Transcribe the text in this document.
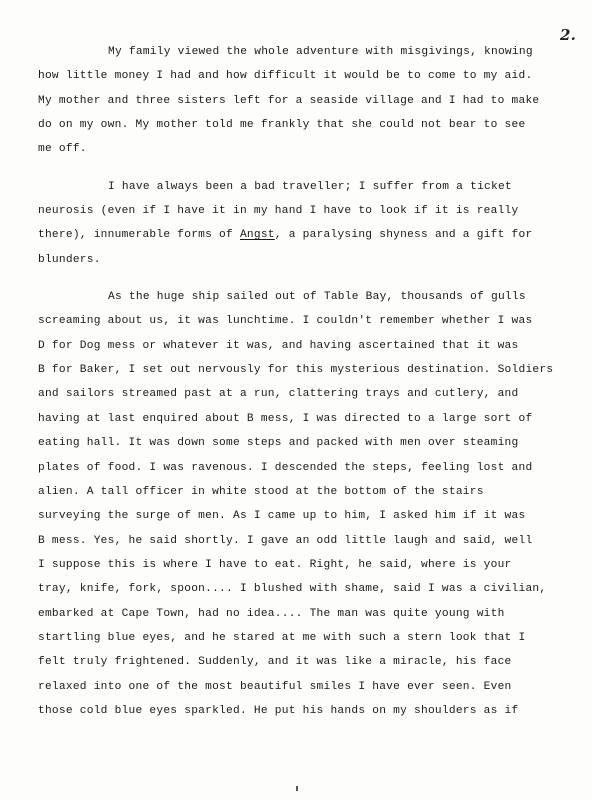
2.
My family viewed the whole adventure with misgivings, knowing
how little money I had and how difficult it would be to come to my aid.
My mother and three sisters left for a seaside village and I had to make
do on my own. My mother told me frankly that she could not bear to see
me off.
I have always been a bad traveller; I suffer from a ticket
neurosis (even if I have it in my hand I have to look if it is really
there), innumerable forms of Angst, a paralysing shyness and a gift for
blunders.
As the huge ship sailed out of Table Bay, thousands of gulls
screaming about us, it was lunchtime. I couldn't remember whether I was
D for Dog mess or whatever it was, and having ascertained that it was
B for Baker, I set out nervously for this mysterious destination. Soldiers
and sailors streamed past at a run, clattering trays and cutlery, and
having at last enquired about B mess, I was directed to a large sort of
eating hall. It was down some steps and packed with men over steaming
plates of food. I was ravenous. I descended the steps, feeling lost and
alien. A tall officer in white stood at the bottom of the stairs
surveying the surge of men. As I came up to him, I asked him if it was
B mess. Yes, he said shortly. I gave an odd little laugh and said, well
I suppose this is where I have to eat. Right, he said, where is your
tray, knife, fork, spoon.... I blushed with shame, said I was a civilian,
embarked at Cape Town, had no idea.... The man was quite young with
startling blue eyes, and he stared at me with such a stern look that I
felt truly frightened. Suddenly, and it was like a miracle, his face
relaxed into one of the most beautiful smiles I have ever seen. Even
those cold blue eyes sparkled. He put his hands on my shoulders as if
